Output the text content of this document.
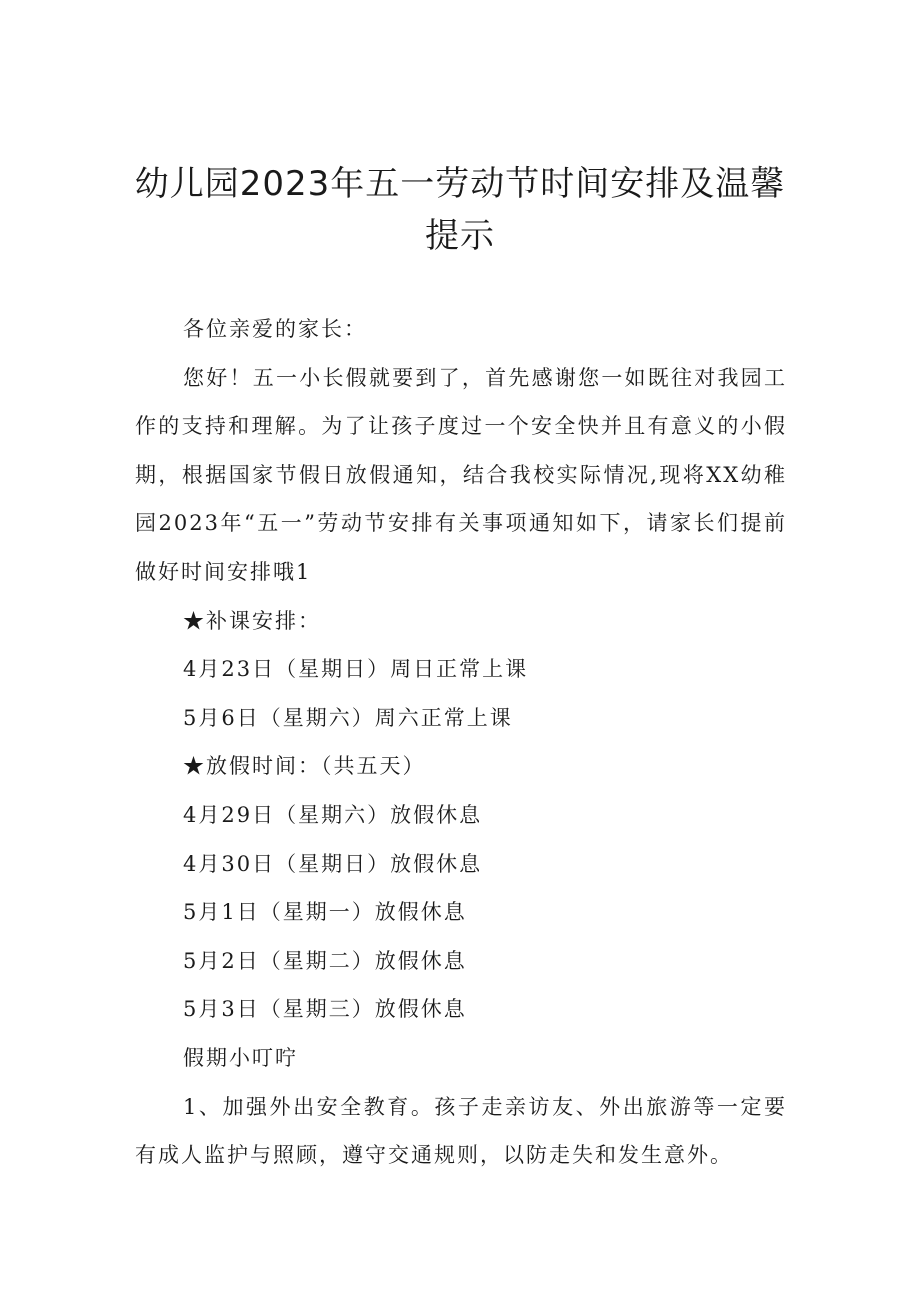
幼儿园2023年五一劳动节时间安排及温馨
提示

各位亲爱的家长：

您好！五一小长假就要到了，首先感谢您一如既往对我园工作的支持和理解。为了让孩子度过一个安全快并且有意义的小假期，根据国家节假日放假通知，结合我校实际情况,现将XX幼稚园2023年“五一”劳动节安排有关事项通知如下，请家长们提前做好时间安排哦1

★补课安排：

4月23日（星期日）周日正常上课

5月6日（星期六）周六正常上课

★放假时间：（共五天）

4月29日（星期六）放假休息

4月30日（星期日）放假休息

5月1日（星期一）放假休息

5月2日（星期二）放假休息

5月3日（星期三）放假休息

假期小叮咛

1、加强外出安全教育。孩子走亲访友、外出旅游等一定要有成人监护与照顾，遵守交通规则，以防走失和发生意外。
